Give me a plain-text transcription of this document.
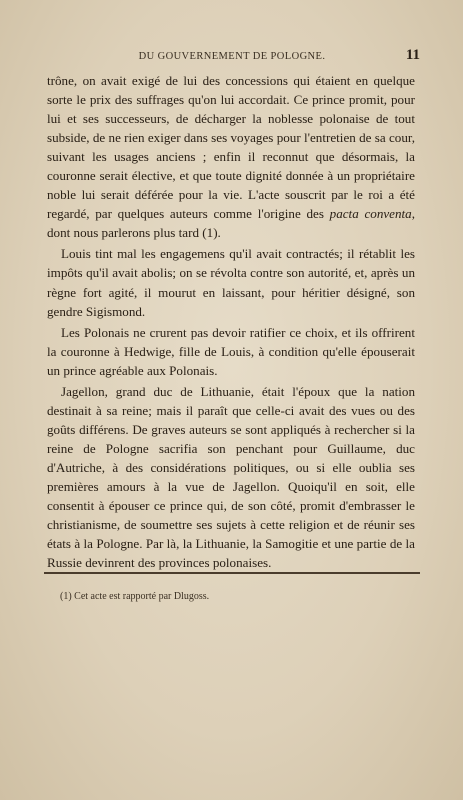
DU GOUVERNEMENT DE POLOGNE.	11

trône, on avait exigé de lui des concessions qui étaient en quelque sorte le prix des suffrages qu'on lui accordait. Ce prince promit, pour lui et ses successeurs, de décharger la noblesse polonaise de tout subside, de ne rien exiger dans ses voyages pour l'entretien de sa cour, suivant les usages anciens ; enfin il reconnut que désormais, la couronne serait élective, et que toute dignité donnée à un propriétaire noble lui serait déférée pour la vie. L'acte souscrit par le roi a été regardé, par quelques auteurs comme l'origine des pacta conventa, dont nous parlerons plus tard (1).

Louis tint mal les engagemens qu'il avait contractés; il rétablit les impôts qu'il avait abolis; on se révolta contre son autorité, et, après un règne fort agité, il mourut en laissant, pour héritier désigné, son gendre Sigismond.

Les Polonais ne crurent pas devoir ratifier ce choix, et ils offrirent la couronne à Hedwige, fille de Louis, à condition qu'elle épouserait un prince agréable aux Polonais.

Jagellon, grand duc de Lithuanie, était l'époux que la nation destinait à sa reine; mais il paraît que celle-ci avait des vues ou des goûts différens. De graves auteurs se sont appliqués à rechercher si la reine de Pologne sacrifia son penchant pour Guillaume, duc d'Autriche, à des considérations politiques, ou si elle oublia ses premières amours à la vue de Jagellon. Quoiqu'il en soit, elle consentit à épouser ce prince qui, de son côté, promit d'embrasser le christianisme, de soumettre ses sujets à cette religion et de réunir ses états à la Pologne. Par là, la Lithuanie, la Samogitie et une partie de la Russie devinrent des provinces polonaises.

(1) Cet acte est rapporté par Dlugoss.
